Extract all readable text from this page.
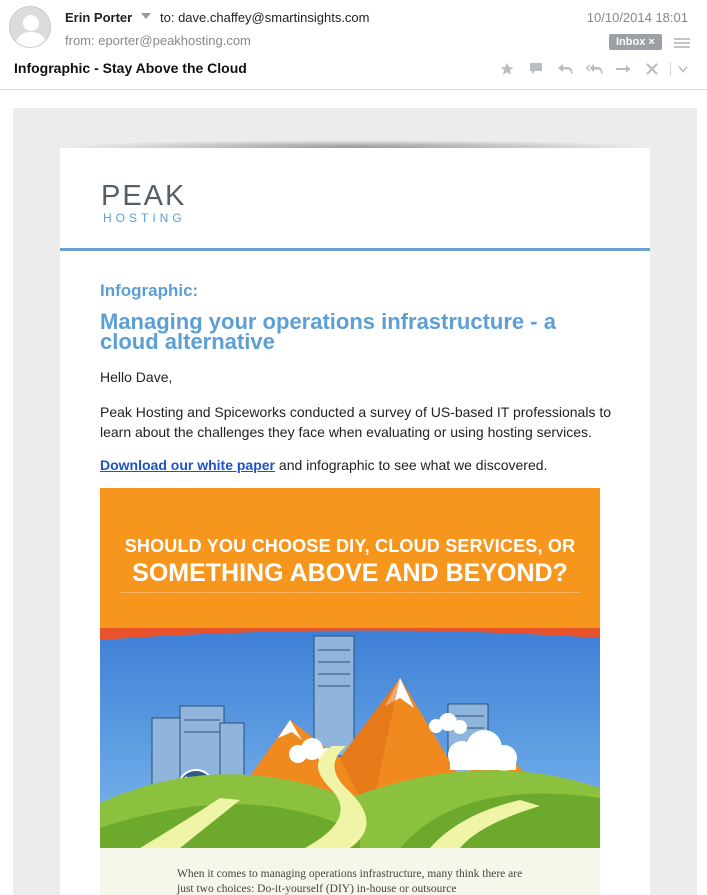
Erin Porter to: dave.chaffey@smartinsights.com
from: eporter@peakhosting.com
10/10/2014 18:01
Inbox ×
Infographic - Stay Above the Cloud
PEAK
HOSTING
Infographic:
Managing your operations infrastructure - a cloud alternative
Hello Dave,
Peak Hosting and Spiceworks conducted a survey of US-based IT professionals to learn about the challenges they face when evaluating or using hosting services.
Download our white paper and infographic to see what we discovered.
SHOULD YOU CHOOSE DIY, CLOUD SERVICES, OR
SOMETHING ABOVE AND BEYOND?
When it comes to managing operations infrastructure, many think there are just two choices: Do-it-yourself (DIY) in-house or outsource
